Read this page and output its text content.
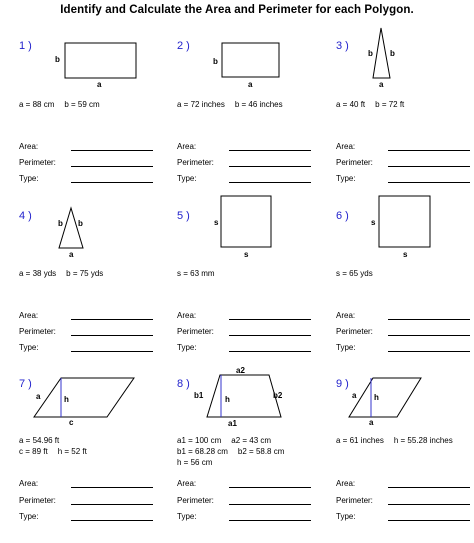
Identify and Calculate the Area and Perimeter for each Polygon.
1 )
b
a
a = 88 cm b = 59 cm
Area:
Perimeter:
Type:
2 )
b
a
a = 72 inches b = 46 inches
Area:
Perimeter:
Type:
3 )
b b
a
a = 40 ft b = 72 ft
Area:
Perimeter:
Type:
4 )
b b
a
a = 38 yds b = 75 yds
Area:
Perimeter:
Type:
5 )
s
s
s = 63 mm
Area:
Perimeter:
Type:
6 )
s
s
s = 65 yds
Area:
Perimeter:
Type:
7 )
a	h
c
a = 54.96 ft
c = 89 ft h = 52 ft
Area:
Perimeter:
Type:
8 )
a2
b1	b2
h
a1
a1 = 100 cm a2 = 43 cm
b1 = 68.28 cm b2 = 58.8 cm
h = 56 cm
Area:
Perimeter:
Type:
9 )
a h
a
a = 61 inches h = 55.28 inches
Area:
Perimeter:
Type:
